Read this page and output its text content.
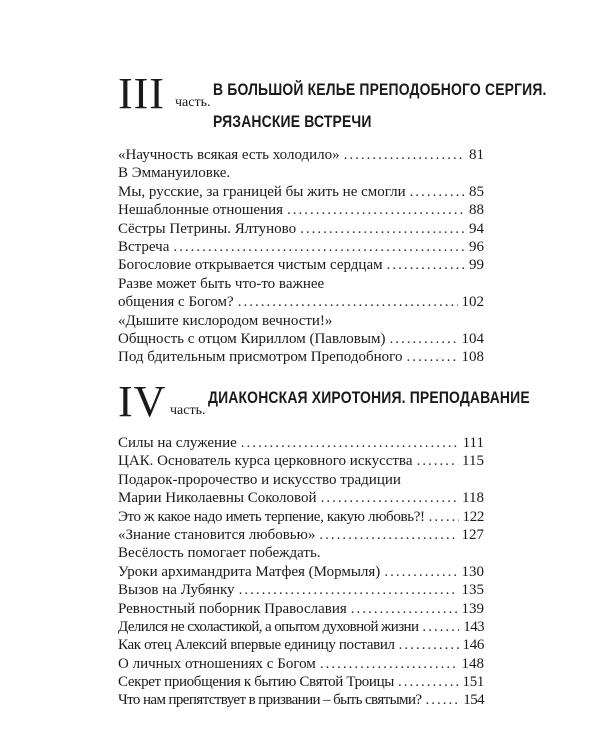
III часть.
В БОЛЬШОЙ КЕЛЬЕ ПРЕПОДОБНОГО СЕРГИЯ.
РЯЗАНСКИЕ ВСТРЕЧИ
«Научность всякая есть холодило» .....	81
В Эммануиловке.
Мы, русские, за границей бы жить не смогли .....	85
Нешаблонные отношения .....	88
Сёстры Петрины. Ялтуново .....	94
Встреча .....	96
Богословие открывается чистым сердцам .....	99
Разве может быть что-то важнее
общения с Богом? .....	102
«Дышите кислородом вечности!»
Общность с отцом Кириллом (Павловым) .....	104
Под бдительным присмотром Преподобного .....	108
IV часть.
ДИАКОНСКАЯ ХИРОТОНИЯ. ПРЕПОДАВАНИЕ
Силы на служение .....	111
ЦАК. Основатель курса церковного искусства .....	115
Подарок-пророчество и искусство традиции
Марии Николаевны Соколовой .....	118
Это ж какое надо иметь терпение, какую любовь?! .....	122
«Знание становится любовью» .....	127
Весёлость помогает побеждать.
Уроки архимандрита Матфея (Мормыля) .....	130
Вызов на Лубянку .....	135
Ревностный поборник Православия .....	139
Делился не схоластикой, а опытом духовной жизни .....	143
Как отец Алексий впервые единицу поставил .....	146
О личных отношениях с Богом .....	148
Секрет приобщения к бытию Святой Троицы .....	151
Что нам препятствует в призвании – быть святыми? .....	154
